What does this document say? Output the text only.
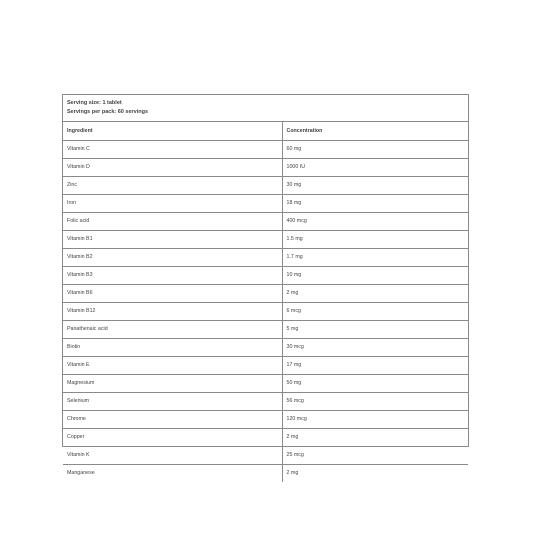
Serving size: 1 tablet
Servings per pack: 60 servings
Ingredient	Concentration
Vitamin C	60 mg
Vitamin D	1000 IU
Zinc	30 mg
Iron	18 mg
Folic acid	400 mcg
Vitamin B1	1.5 mg
Vitamin B2	1.7 mg
Vitamin B3	10 mg
Vitamin B6	2 mg
Vitamin B12	6 mcg
Panathenaic acid	5 mg
Biotin	30 mcg
Vitamin E	17 mg
Magnesium	50 mg
Selenium	56 mcg
Chrome	120 mcg
Copper	2 mg
Vitamin K	25 mcg
Manganese	2 mg
